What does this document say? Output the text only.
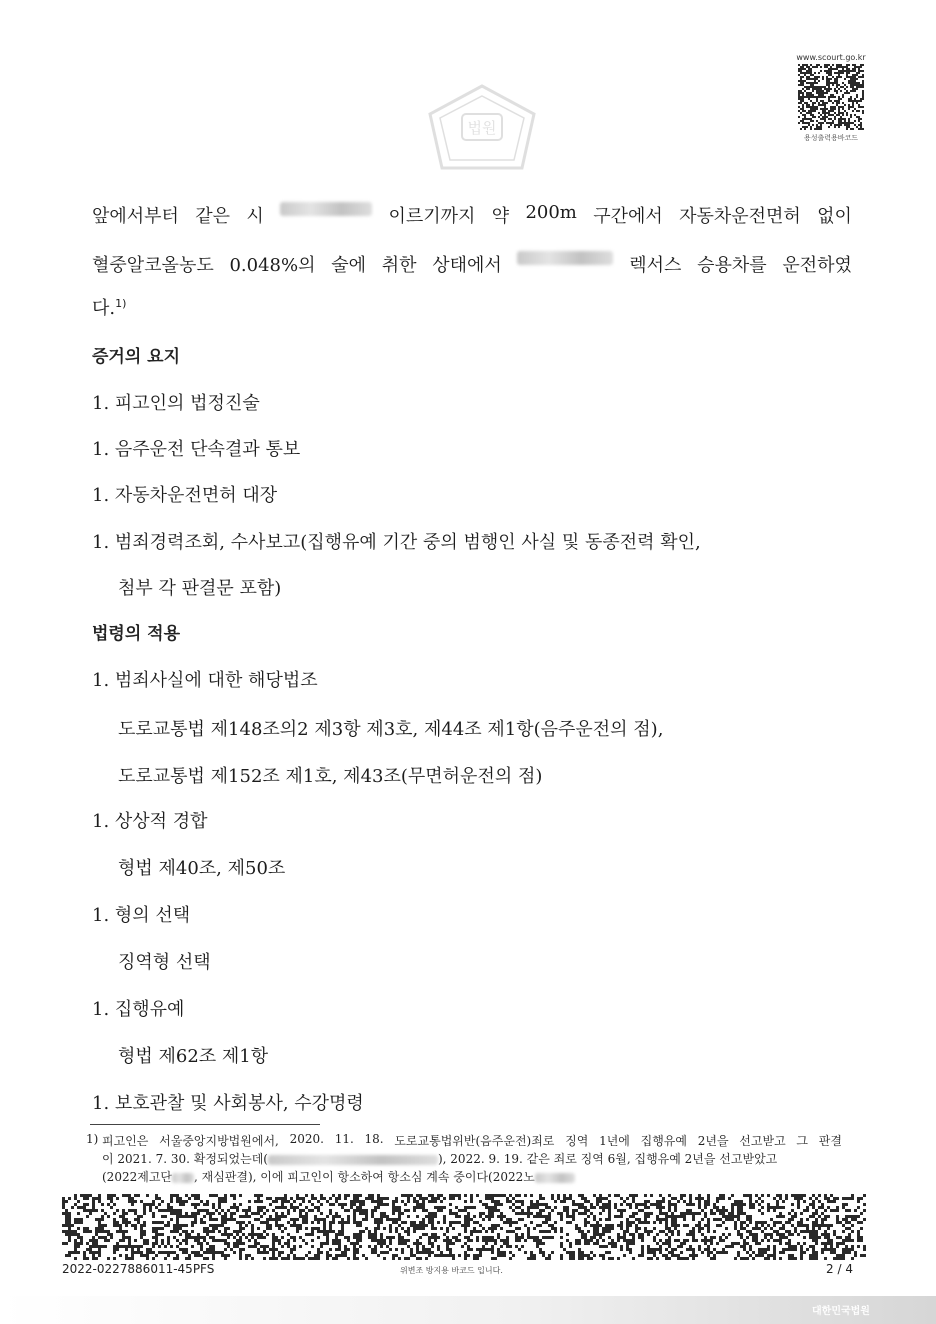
법원
www.scourt.go.kr
용성출력용바코드
앞에서부터 같은 시	이르기까지 약 200m 구간에서 자동차운전면허 없이
혈중알코올농도 0.048%의 술에 취한 상태에서	렉서스 승용차를 운전하였
다.$^{1)}$
증거의 요지
1. 피고인의 법정진술
1. 음주운전 단속결과 통보
1. 자동차운전면허 대장
1. 범죄경력조회, 수사보고(집행유예 기간 중의 범행인 사실 및 동종전력 확인,
첨부 각 판결문 포함)
법령의 적용
1. 범죄사실에 대한 해당법조
도로교통법 제148조의2 제3항 제3호, 제44조 제1항(음주운전의 점),
도로교통법 제152조 제1호, 제43조(무면허운전의 점)
1. 상상적 경합
형법 제40조, 제50조
1. 형의 선택
징역형 선택
1. 집행유예
형법 제62조 제1항
1. 보호관찰 및 사회봉사, 수강명령
1) 피고인은 서울중앙지방법원에서, 2020. 11. 18. 도로교통법위반(음주운전)죄로 징역 1년에 집행유예 2년을 선고받고 그 판결
이 2021. 7. 30. 확정되었는데(	), 2022. 9. 19. 같은 죄로 징역 6월, 집행유예 2년을 선고받았고
(2022제고단 , 재심판결), 이에 피고인이 항소하여 항소심 계속 중이다(2022노
2022-0227886011-45PFS	위변조 방지용 바코드 입니다.	2 / 4
대한민국법원
